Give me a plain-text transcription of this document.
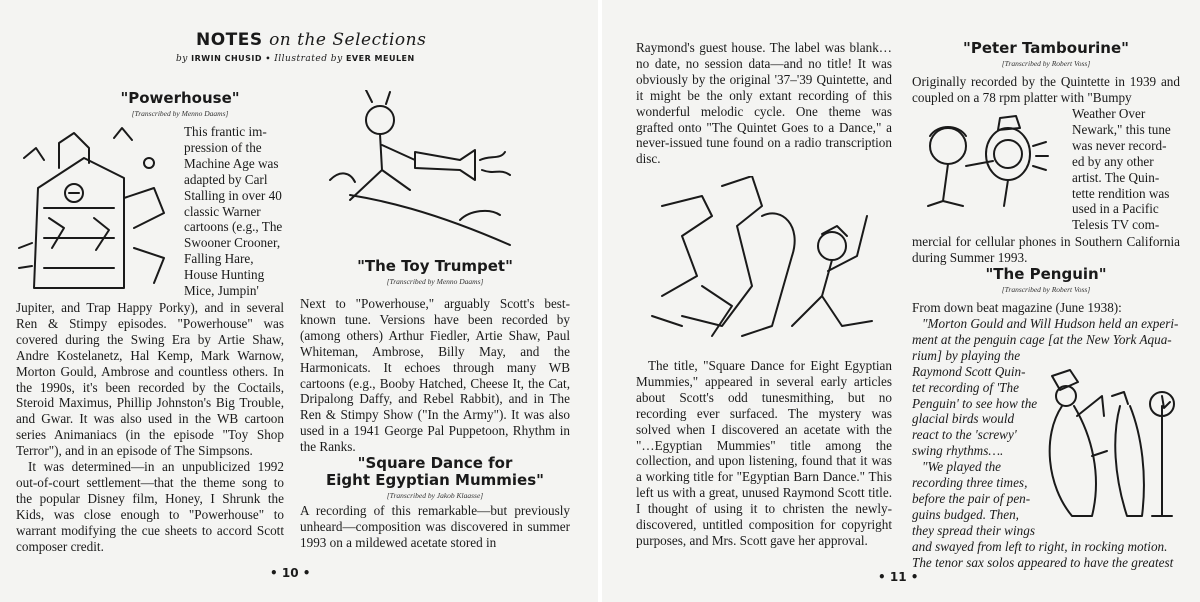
NOTES on the Selections
by IRWIN CHUSID • Illustrated by EVER MEULEN

"Powerhouse"

[Transcribed by Menno Daams]

This frantic im-
pression of the
Machine Age was
adapted by Carl
Stalling in over 40
classic Warner
cartoons (e.g., The
Swooner Crooner,
Falling Hare,
House Hunting
Mice, Jumpin'

Jupiter, and Trap Happy Porky), and in several Ren & Stimpy episodes. "Powerhouse" was covered during the Swing Era by Artie Shaw, Andre Kostelanetz, Hal Kemp, Mark Warnow, Morton Gould, Ambrose and countless others. In the 1990s, it's been recorded by the Coctails, Steroid Maximus, Phillip Johnston's Big Trouble, and Gwar. It was also used in the WB cartoon series Animaniacs (in the episode "Toy Shop Terror"), and in an episode of The Simpsons.

It was determined—in an unpublicized 1992 out-of-court settlement—that the theme song to the popular Disney film, Honey, I Shrunk the Kids, was close enough to "Powerhouse" to warrant modifying the cue sheets to accord Scott composer credit.

"The Toy Trumpet"

[Transcribed by Menno Daams]

Next to "Powerhouse," arguably Scott's best-known tune. Versions have been recorded by (among others) Arthur Fiedler, Artie Shaw, Paul Whiteman, Ambrose, Billy May, and the Harmonicats. It echoes through many WB cartoons (e.g., Booby Hatched, Cheese It, the Cat, Dripalong Daffy, and Rebel Rabbit), and in The Ren & Stimpy Show ("In the Army"). It was also used in a 1941 George Pal Puppetoon, Rhythm in the Ranks.

"Square Dance for

Eight Egyptian Mummies"

[Transcribed by Jakob Klaasse]

A recording of this remarkable—but previously unheard—composition was discovered in summer 1993 on a mildewed acetate stored in

• 10 •

Raymond's guest house. The label was blank… no date, no session data—and no title! It was obviously by the original '37–'39 Quintette, and it might be the only extant recording of this wonderful melodic cycle. One theme was grafted onto "The Quintet Goes to a Dance," a never-issued tune found on a radio transcription disc.

The title, "Square Dance for Eight Egyptian Mummies," appeared in several early articles about Scott's odd tunesmithing, but no recording ever surfaced. The mystery was solved when I discovered an acetate with the "…Egyptian Mummies" title among the collection, and upon listening, found that it was a working title for "Egyptian Barn Dance." This left us with a great, unused Raymond Scott title. I thought of using it to christen the newly-discovered, untitled composition for copyright purposes, and Mrs. Scott gave her approval.

"Peter Tambourine"

[Transcribed by Robert Voss]

Originally recorded by the Quintette in 1939 and coupled on a 78 rpm platter with "Bumpy

Weather Over
Newark," this tune
was never record-
ed by any other
artist. The Quin-
tette rendition was
used in a Pacific
Telesis TV com-

mercial for cellular phones in Southern California during Summer 1993.

"The Penguin"

[Transcribed by Robert Voss]

From down beat magazine (June 1938):

"Morton Gould and Will Hudson held an experi-
ment at the penguin cage [at the New York Aqua-
rium] by playing the
Raymond Scott Quin-
tet recording of 'The
Penguin' to see how the
glacial birds would
react to the 'screwy'
swing rhythms….
"We played the
recording three times,
before the pair of pen-
guins budged. Then,
they spread their wings
and swayed from left to right, in rocking motion.
The tenor sax solos appeared to have the greatest
• 11 •
